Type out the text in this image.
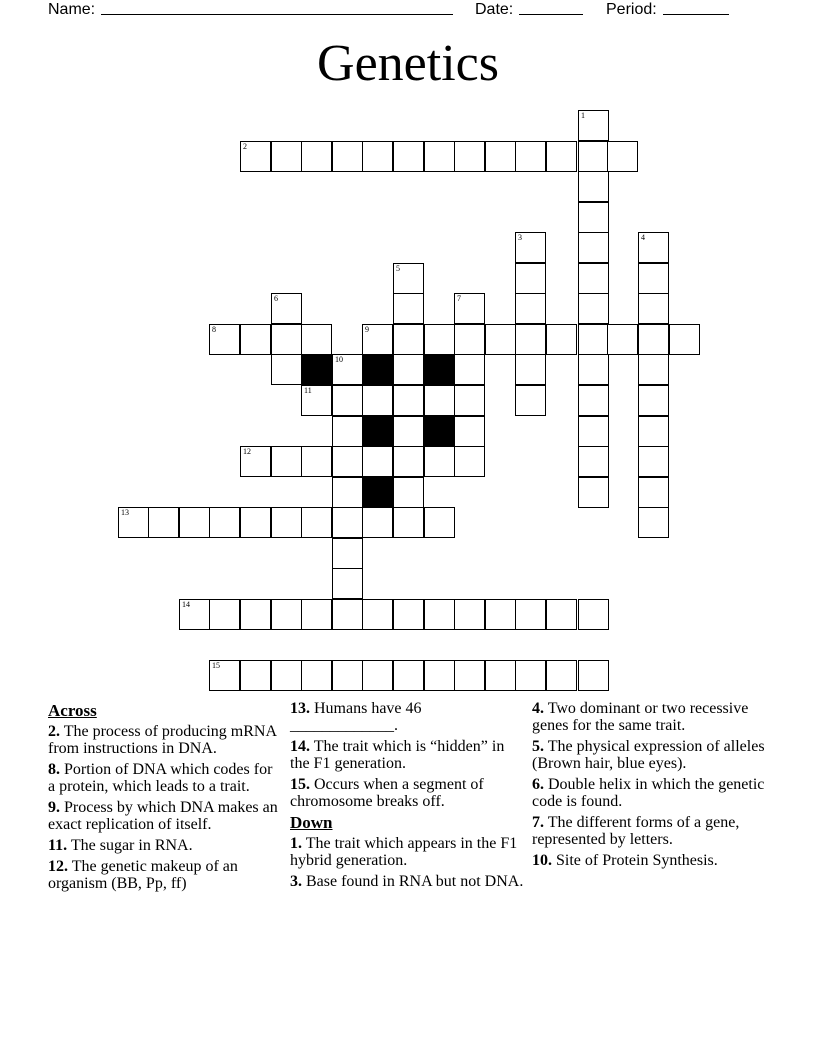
Name:	Date:	Period:
Genetics
1
2
3	4
5
6	7
8	9
10
11
12
13
14
15
Across
2. The process of producing mRNA from instructions in DNA.
8. Portion of DNA which codes for a protein, which leads to a trait.
9. Process by which DNA makes an exact replication of itself.
11. The sugar in RNA.
12. The genetic makeup of an organism (BB, Pp, ff)
13. Humans have 46 _____________.
14. The trait which is “hidden” in the F1 generation.
15. Occurs when a segment of chromosome breaks off.
Down
1. The trait which appears in the F1 hybrid generation.
3. Base found in RNA but not DNA.
4. Two dominant or two recessive genes for the same trait.
5. The physical expression of alleles (Brown hair, blue eyes).
6. Double helix in which the genetic code is found.
7. The different forms of a gene, represented by letters.
10. Site of Protein Synthesis.
